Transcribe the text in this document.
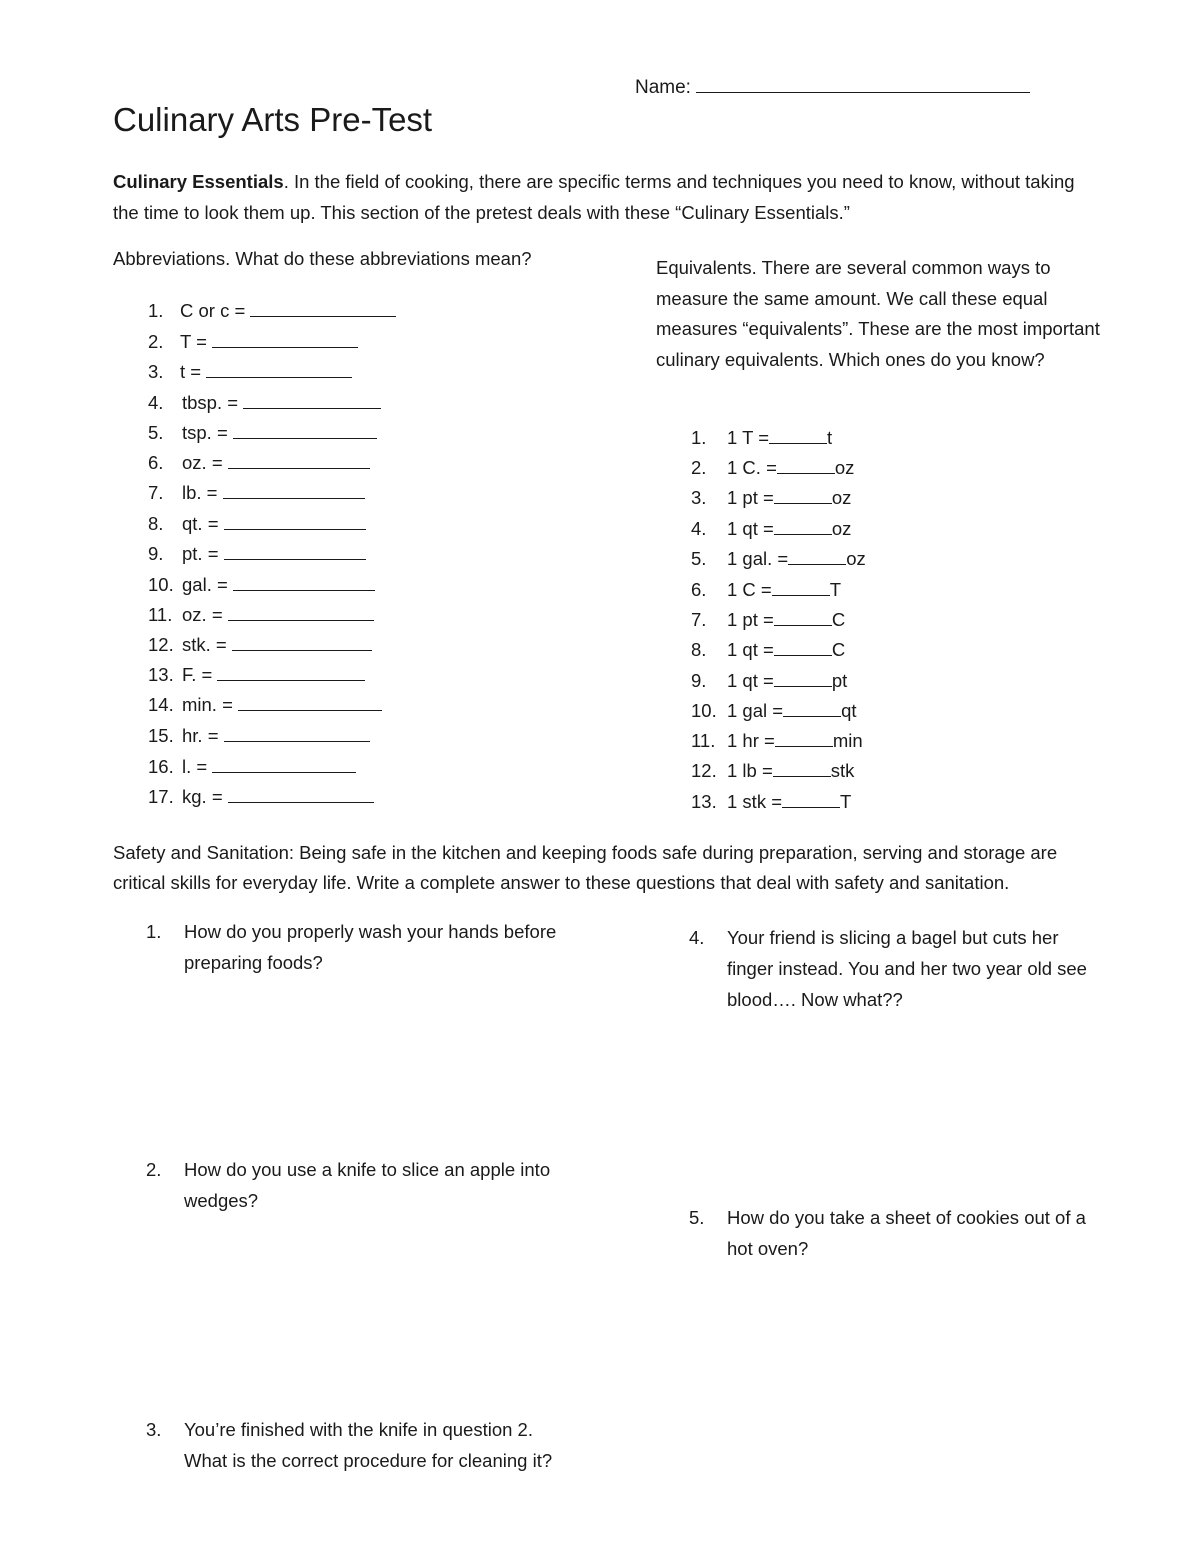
Name:
Culinary Arts Pre-Test
Culinary Essentials. In the field of cooking, there are specific terms and techniques you need to know, without taking the time to look them up. This section of the pretest deals with these “Culinary Essentials.”
Abbreviations. What do these abbreviations mean?
1. C or c =
2. T =
3. t =
4. tbsp. =
5. tsp. =
6. oz. =
7. lb. =
8. qt. =
9. pt. =
10. gal. =
11. oz. =
12. stk. =
13. F. =
14. min. =
15. hr. =
16. l. =
17. kg. =
Equivalents. There are several common ways to measure the same amount. We call these equal measures “equivalents”. These are the most important culinary equivalents. Which ones do you know?
1. 1 T =	t
2. 1 C. =	oz
3. 1 pt =	oz
4. 1 qt =	oz
5. 1 gal. =	oz
6. 1 C =	T
7. 1 pt =	C
8. 1 qt =	C
9. 1 qt =	pt
10. 1 gal =	qt
11. 1 hr =	min
12. 1 lb =	stk
13. 1 stk =	T
Safety and Sanitation: Being safe in the kitchen and keeping foods safe during preparation, serving and storage are critical skills for everyday life. Write a complete answer to these questions that deal with safety and sanitation.
1. How do you properly wash your hands before
preparing foods?
2. How do you use a knife to slice an apple into
wedges?
3. You’re finished with the knife in question 2.
What is the correct procedure for cleaning it?
4. Your friend is slicing a bagel but cuts her
finger instead. You and her two year old see
blood…. Now what??
5. How do you take a sheet of cookies out of a
hot oven?
